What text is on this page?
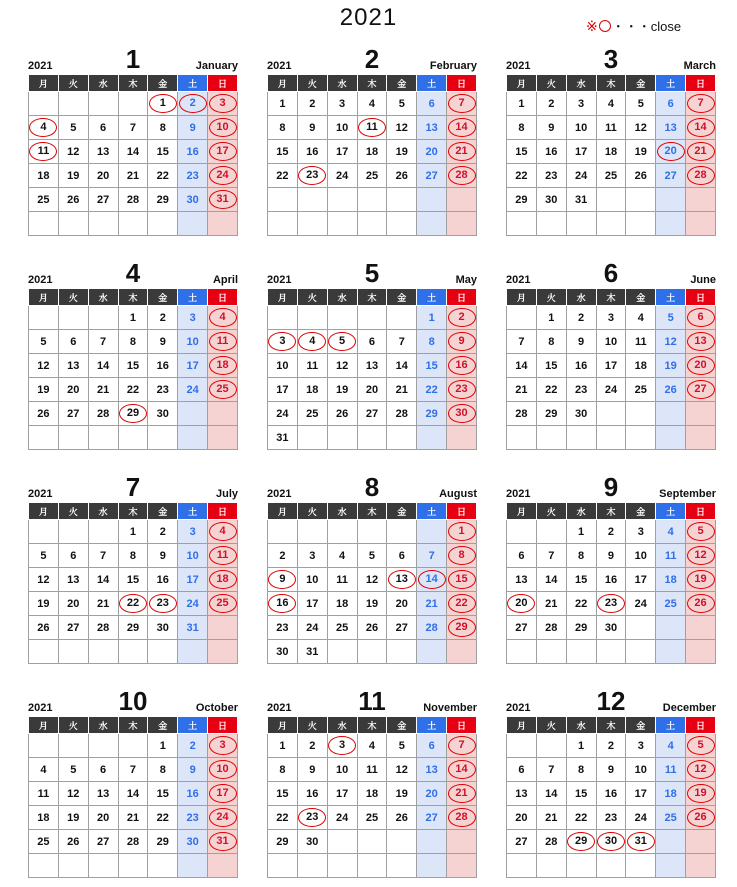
2021	※ ・・・close
2021	1	January
月	火	水	木	金	土	日
				1	2	3
4	5	6	7	8	9	10
11	12	13	14	15	16	17
18	19	20	21	22	23	24
25	26	27	28	29	30	31

2021	2	February
月	火	水	木	金	土	日
1	2	3	4	5	6	7
8	9	10	11	12	13	14
15	16	17	18	19	20	21
22	23	24	25	26	27	28

2021	3	March
月	火	水	木	金	土	日
1	2	3	4	5	6	7
8	9	10	11	12	13	14
15	16	17	18	19	20	21
22	23	24	25	26	27	28
29	30	31				

2021	4	April
月	火	水	木	金	土	日
			1	2	3	4
5	6	7	8	9	10	11
12	13	14	15	16	17	18
19	20	21	22	23	24	25
26	27	28	29	30		

2021	5	May
月	火	水	木	金	土	日
					1	2
3	4	5	6	7	8	9
10	11	12	13	14	15	16
17	18	19	20	21	22	23
24	25	26	27	28	29	30
31						
2021	6	June
月	火	水	木	金	土	日
	1	2	3	4	5	6
7	8	9	10	11	12	13
14	15	16	17	18	19	20
21	22	23	24	25	26	27
28	29	30				

2021	7	July
月	火	水	木	金	土	日
			1	2	3	4
5	6	7	8	9	10	11
12	13	14	15	16	17	18
19	20	21	22	23	24	25
26	27	28	29	30	31	

2021	8	August
月	火	水	木	金	土	日
						1
2	3	4	5	6	7	8
9	10	11	12	13	14	15
16	17	18	19	20	21	22
23	24	25	26	27	28	29
30	31					
2021	9	September
月	火	水	木	金	土	日
		1	2	3	4	5
6	7	8	9	10	11	12
13	14	15	16	17	18	19
20	21	22	23	24	25	26
27	28	29	30			

2021	10	October
月	火	水	木	金	土	日
				1	2	3
4	5	6	7	8	9	10
11	12	13	14	15	16	17
18	19	20	21	22	23	24
25	26	27	28	29	30	31

2021	11	November
月	火	水	木	金	土	日
1	2	3	4	5	6	7
8	9	10	11	12	13	14
15	16	17	18	19	20	21
22	23	24	25	26	27	28
29	30					

2021	12	December
月	火	水	木	金	土	日
		1	2	3	4	5
6	7	8	9	10	11	12
13	14	15	16	17	18	19
20	21	22	23	24	25	26
27	28	29	30	31		
